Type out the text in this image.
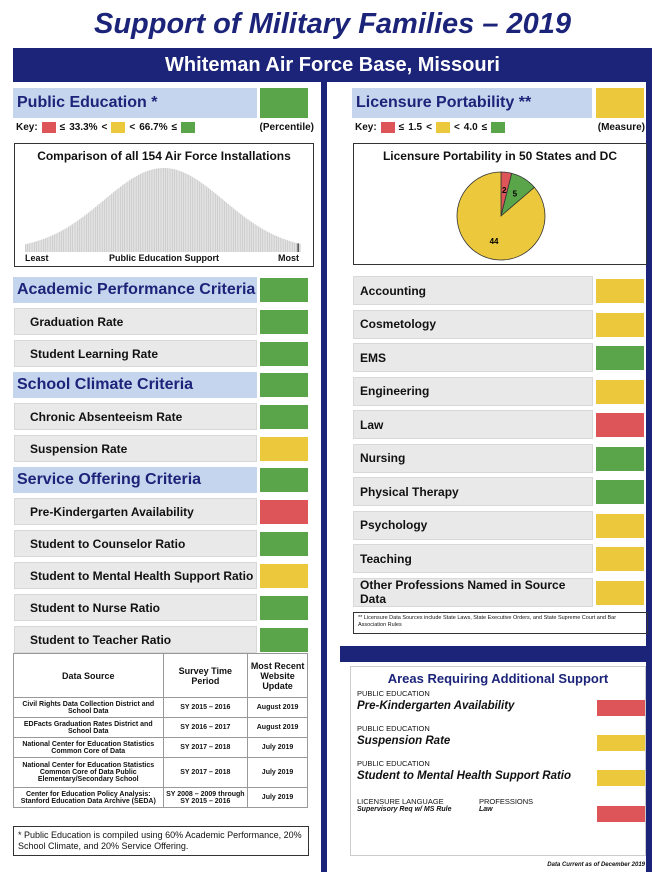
Support of Military Families – 2019
Whiteman Air Force Base, Missouri
Public Education *
Key: ≤ 33.3% < < 66.7% ≤	(Percentile)
Comparison of all 154 Air Force Installations
Least	Public Education Support	Most
Academic Performance Criteria
Graduation Rate
Student Learning Rate
School Climate Criteria
Chronic Absenteeism Rate
Suspension Rate
Service Offering Criteria
Pre-Kindergarten Availability
Student to Counselor Ratio
Student to Mental Health Support Ratio
Student to Nurse Ratio
Student to Teacher Ratio
Data Source	Survey Time Period	Most Recent Website Update
Civil Rights Data Collection District and School Data	SY 2015 – 2016	August 2019
EDFacts Graduation Rates District and School Data	SY 2016 – 2017	August 2019
National Center for Education Statistics Common Core of Data	SY 2017 – 2018	July 2019
National Center for Education Statistics Common Core of Data Public Elementary/Secondary School	SY 2017 – 2018	July 2019
Center for Education Policy Analysis: Stanford Education Data Archive (SEDA)	SY 2008 – 2009 through SY 2015 – 2016	July 2019
* Public Education is compiled using 60% Academic Performance, 20% School Climate, and 20% Service Offering.
Licensure Portability **
Key: ≤ 1.5 < < 4.0 ≤	(Measure)
Licensure Portability in 50 States and DC
2 5
44
Accounting
Cosmetology
EMS
Engineering
Law
Nursing
Physical Therapy
Psychology
Teaching
Other Professions Named in Source Data
** Licensure Data Sources include State Laws, State Executive Orders, and State Supreme Court and Bar Association Rules
Areas Requiring Additional Support
PUBLIC EDUCATION
Pre-Kindergarten Availability
PUBLIC EDUCATION
Suspension Rate
PUBLIC EDUCATION
Student to Mental Health Support Ratio
LICENSURE LANGUAGE
Supervisory Req w/ MS Rule
PROFESSIONS
Law
Data Current as of December 2019
